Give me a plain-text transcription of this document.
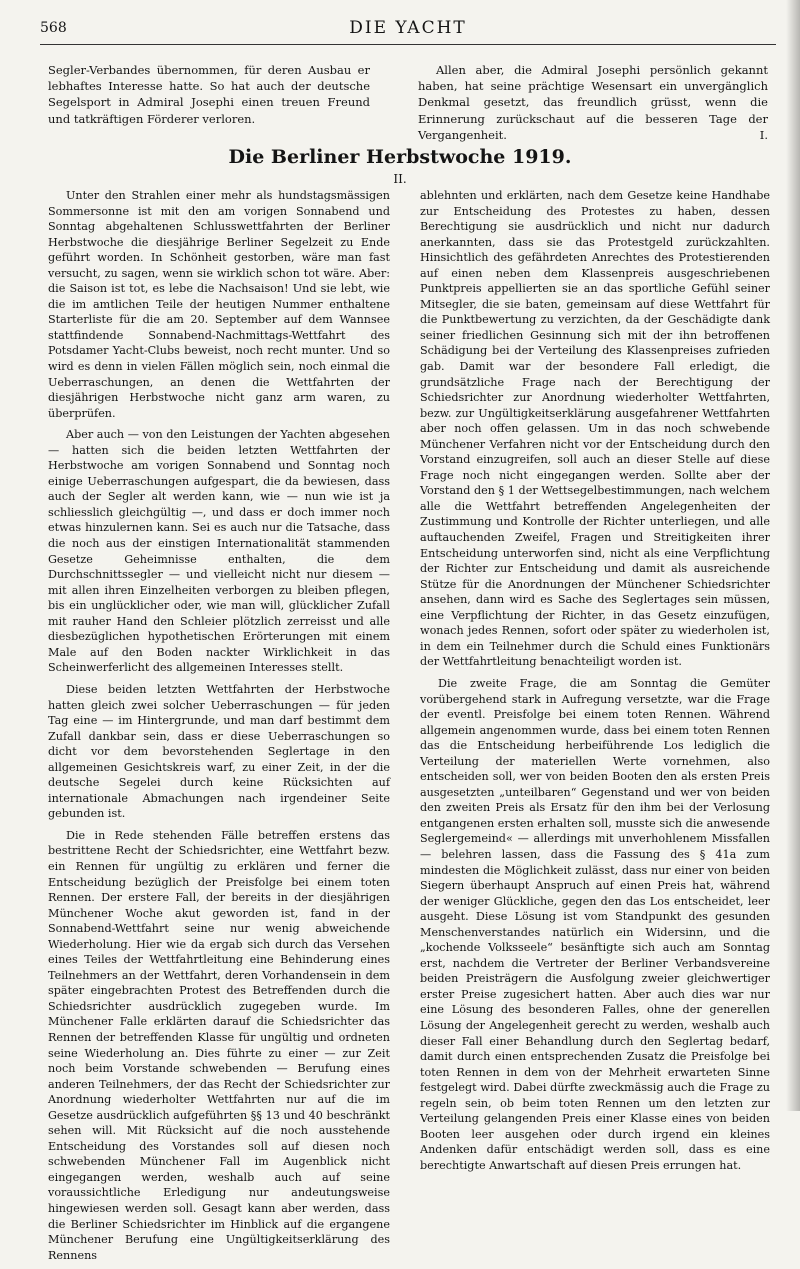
568	DIE YACHT

Segler-Verbandes übernommen, für deren Ausbau er lebhaftes Interesse hatte. So hat auch der deutsche Segelsport in Admiral Josephi einen treuen Freund und tatkräftigen Förderer verloren.

Allen aber, die Admiral Josephi persönlich gekannt haben, hat seine prächtige Wesensart ein unvergänglich Denkmal gesetzt, das freundlich grüsst, wenn die Erinnerung zurückschaut auf die besseren Tage der Vergangenheit.	I.

Die Berliner Herbstwoche 1919.
II.

Unter den Strahlen einer mehr als hundstagsmässigen Sommersonne ist mit den am vorigen Sonnabend und Sonntag abgehaltenen Schlusswettfahrten der Berliner Herbstwoche die diesjährige Berliner Segelzeit zu Ende geführt worden. In Schönheit gestorben, wäre man fast versucht, zu sagen, wenn sie wirklich schon tot wäre. Aber: die Saison ist tot, es lebe die Nachsaison! Und sie lebt, wie die im amtlichen Teile der heutigen Nummer enthaltene Starterliste für die am 20. September auf dem Wannsee stattfindende Sonnabend-Nachmittags-Wettfahrt des Potsdamer Yacht-Clubs beweist, noch recht munter. Und so wird es denn in vielen Fällen möglich sein, noch einmal die Ueberraschungen, an denen die Wettfahrten der diesjährigen Herbstwoche nicht ganz arm waren, zu überprüfen.

Aber auch — von den Leistungen der Yachten abgesehen — hatten sich die beiden letzten Wettfahrten der Herbstwoche am vorigen Sonnabend und Sonntag noch einige Ueberraschungen aufgespart, die da bewiesen, dass auch der Segler alt werden kann, wie — nun wie ist ja schliesslich gleichgültig —, und dass er doch immer noch etwas hinzulernen kann. Sei es auch nur die Tatsache, dass die noch aus der einstigen Internationalität stammenden Gesetze Geheimnisse enthalten, die dem Durchschnittssegler — und vielleicht nicht nur diesem — mit allen ihren Einzelheiten verborgen zu bleiben pflegen, bis ein unglücklicher oder, wie man will, glücklicher Zufall mit rauher Hand den Schleier plötzlich zerreisst und alle diesbezüglichen hypothetischen Erörterungen mit einem Male auf den Boden nackter Wirklichkeit in das Scheinwerferlicht des allgemeinen Interesses stellt.

Diese beiden letzten Wettfahrten der Herbstwoche hatten gleich zwei solcher Ueberraschungen — für jeden Tag eine — im Hintergrunde, und man darf bestimmt dem Zufall dankbar sein, dass er diese Ueberraschungen so dicht vor dem bevorstehenden Seglertage in den allgemeinen Gesichtskreis warf, zu einer Zeit, in der die deutsche Segelei durch keine Rücksichten auf internationale Abmachungen nach irgendeiner Seite gebunden ist.

Die in Rede stehenden Fälle betreffen erstens das bestrittene Recht der Schiedsrichter, eine Wettfahrt bezw. ein Rennen für ungültig zu erklären und ferner die Entscheidung bezüglich der Preisfolge bei einem toten Rennen. Der erstere Fall, der bereits in der diesjährigen Münchener Woche akut geworden ist, fand in der Sonnabend-Wettfahrt seine nur wenig abweichende Wiederholung. Hier wie da ergab sich durch das Versehen eines Teiles der Wettfahrtleitung eine Behinderung eines Teilnehmers an der Wettfahrt, deren Vorhandensein in dem später eingebrachten Protest des Betreffenden durch die Schiedsrichter ausdrücklich zugegeben wurde. Im Münchener Falle erklärten darauf die Schiedsrichter das Rennen der betreffenden Klasse für ungültig und ordneten seine Wiederholung an. Dies führte zu einer — zur Zeit noch beim Vorstande schwebenden — Berufung eines anderen Teilnehmers, der das Recht der Schiedsrichter zur Anordnung wiederholter Wettfahrten nur auf die im Gesetze ausdrücklich aufgeführten §§ 13 und 40 beschränkt sehen will. Mit Rücksicht auf die noch ausstehende Entscheidung des Vorstandes soll auf diesen noch schwebenden Münchener Fall im Augenblick nicht eingegangen werden, weshalb auch auf seine voraussichtliche Erledigung nur andeutungsweise hingewiesen werden soll. Gesagt kann aber werden, dass die Berliner Schiedsrichter im Hinblick auf die ergangene Münchener Berufung eine Ungültigkeitserklärung des Rennens

ablehnten und erklärten, nach dem Gesetze keine Handhabe zur Entscheidung des Protestes zu haben, dessen Berechtigung sie ausdrücklich und nicht nur dadurch anerkannten, dass sie das Protestgeld zurückzahlten. Hinsichtlich des gefährdeten Anrechtes des Protestierenden auf einen neben dem Klassenpreis ausgeschriebenen Punktpreis appellierten sie an das sportliche Gefühl seiner Mitsegler, die sie baten, gemeinsam auf diese Wettfahrt für die Punktbewertung zu verzichten, da der Geschädigte dank seiner friedlichen Gesinnung sich mit der ihn betroffenen Schädigung bei der Verteilung des Klassenpreises zufrieden gab. Damit war der besondere Fall erledigt, die grundsätzliche Frage nach der Berechtigung der Schiedsrichter zur Anordnung wiederholter Wettfahrten, bezw. zur Ungültigkeitserklärung ausgefahrener Wettfahrten aber noch offen gelassen. Um in das noch schwebende Münchener Verfahren nicht vor der Entscheidung durch den Vorstand einzugreifen, soll auch an dieser Stelle auf diese Frage noch nicht eingegangen werden. Sollte aber der Vorstand den § 1 der Wettsegelbestimmungen, nach welchem alle die Wettfahrt betreffenden Angelegenheiten der Zustimmung und Kontrolle der Richter unterliegen, und alle auftauchenden Zweifel, Fragen und Streitigkeiten ihrer Entscheidung unterworfen sind, nicht als eine Verpflichtung der Richter zur Entscheidung und damit als ausreichende Stütze für die Anordnungen der Münchener Schiedsrichter ansehen, dann wird es Sache des Seglertages sein müssen, eine Verpflichtung der Richter, in das Gesetz einzufügen, wonach jedes Rennen, sofort oder später zu wiederholen ist, in dem ein Teilnehmer durch die Schuld eines Funktionärs der Wettfahrtleitung benachteiligt worden ist.

Die zweite Frage, die am Sonntag die Gemüter vorübergehend stark in Aufregung versetzte, war die Frage der eventl. Preisfolge bei einem toten Rennen. Während allgemein angenommen wurde, dass bei einem toten Rennen das die Entscheidung herbeiführende Los lediglich die Verteilung der materiellen Werte vornehmen, also entscheiden soll, wer von beiden Booten den als ersten Preis ausgesetzten „unteilbaren“ Gegenstand und wer von beiden den zweiten Preis als Ersatz für den ihm bei der Verlosung entgangenen ersten erhalten soll, musste sich die anwesende Seglergemeind« — allerdings mit unverhohlenem Missfallen — belehren lassen, dass die Fassung des § 41a zum mindesten die Möglichkeit zulässt, dass nur einer von beiden Siegern überhaupt Anspruch auf einen Preis hat, während der weniger Glückliche, gegen den das Los entscheidet, leer ausgeht. Diese Lösung ist vom Standpunkt des gesunden Menschenverstandes natürlich ein Widersinn, und die „kochende Volksseele“ besänftigte sich auch am Sonntag erst, nachdem die Vertreter der Berliner Verbandsvereine beiden Preisträgern die Ausfolgung zweier gleichwertiger erster Preise zugesichert hatten. Aber auch dies war nur eine Lösung des besonderen Falles, ohne der generellen Lösung der Angelegenheit gerecht zu werden, weshalb auch dieser Fall einer Behandlung durch den Seglertag bedarf, damit durch einen entsprechenden Zusatz die Preisfolge bei toten Rennen in dem von der Mehrheit erwarteten Sinne festgelegt wird. Dabei dürfte zweckmässig auch die Frage zu regeln sein, ob beim toten Rennen um den letzten zur Verteilung gelangenden Preis einer Klasse eines von beiden Booten leer ausgehen oder durch irgend ein kleines Andenken dafür entschädigt werden soll, dass es eine berechtigte Anwartschaft auf diesen Preis errungen hat.
